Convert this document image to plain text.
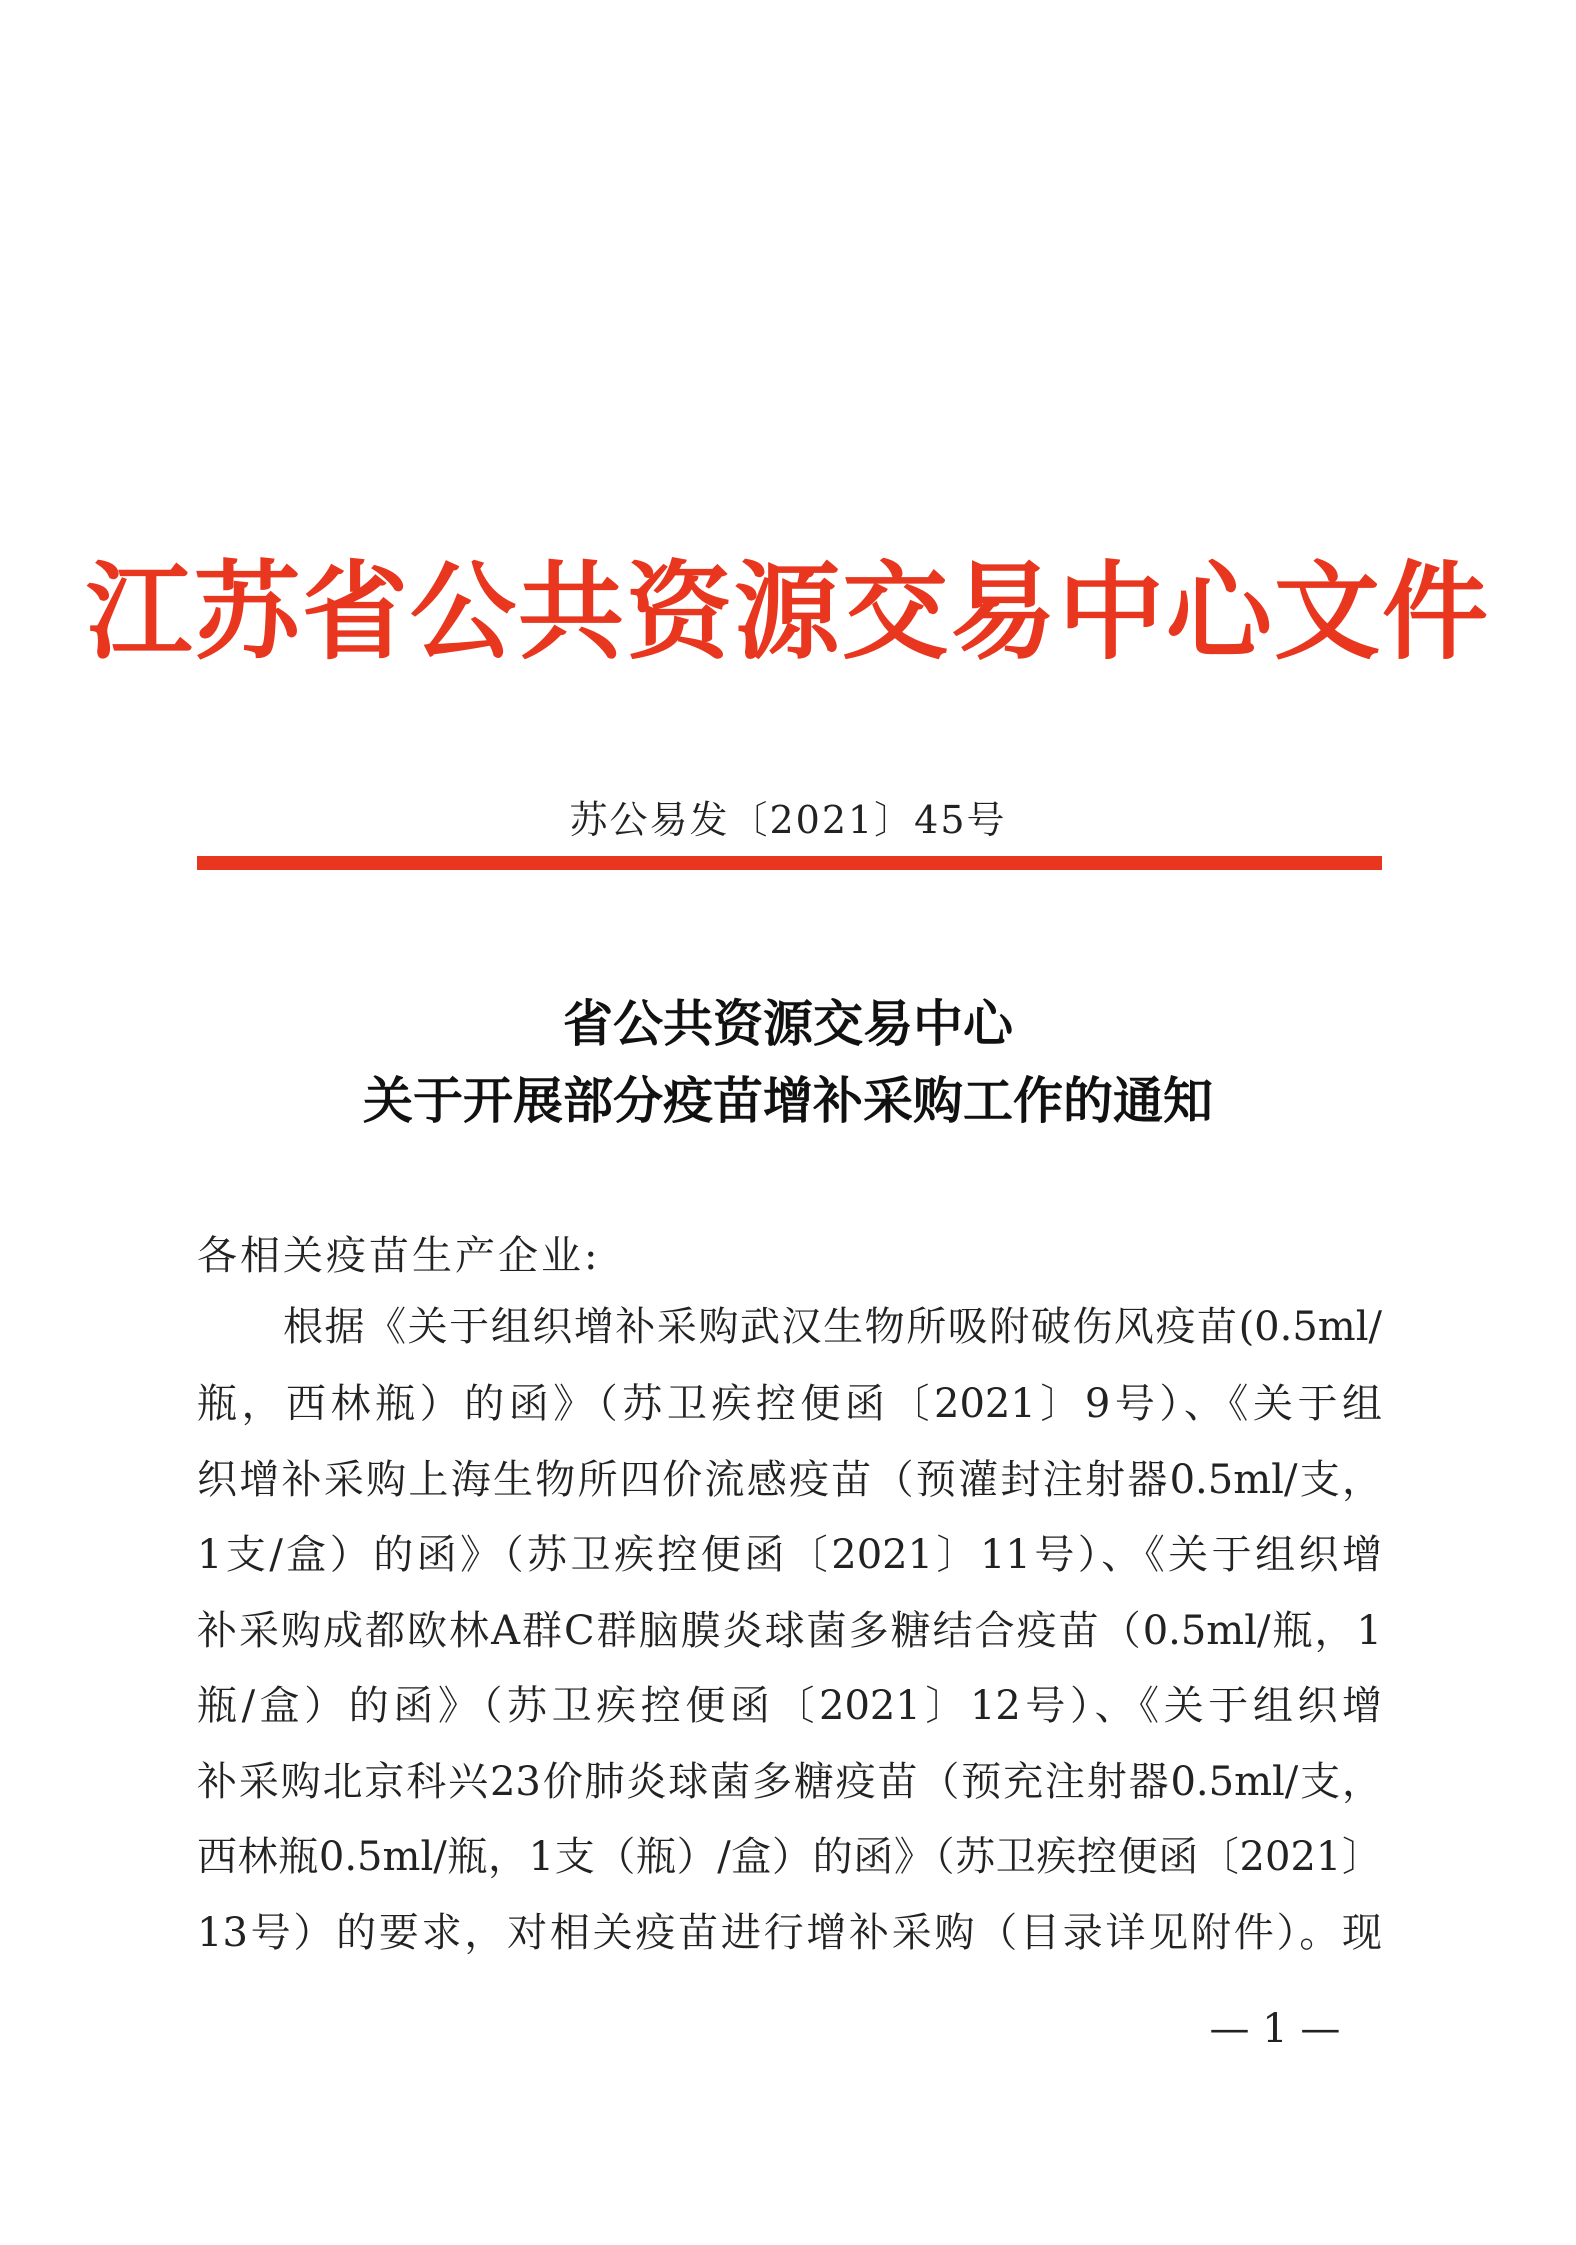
江苏省公共资源交易中心文件
苏公易发〔2021〕45号
省公共资源交易中心
关于开展部分疫苗增补采购工作的通知
各相关疫苗生产企业:
根据《关于组织增补采购武汉生物所吸附破伤风疫苗(0.5ml/
瓶，西林瓶）的函》（苏卫疾控便函〔2021〕9号）、《关于组
织增补采购上海生物所四价流感疫苗（预灌封注射器0.5ml/支，
1支/盒）的函》（苏卫疾控便函〔2021〕11号）、《关于组织增
补采购成都欧林A群C群脑膜炎球菌多糖结合疫苗（0.5ml/瓶，1
瓶/盒）的函》（苏卫疾控便函〔2021〕12号）、《关于组织增
补采购北京科兴23价肺炎球菌多糖疫苗（预充注射器0.5ml/支，
西林瓶0.5ml/瓶，1支（瓶）/盒）的函》（苏卫疾控便函〔2021〕
13号）的要求，对相关疫苗进行增补采购（目录详见附件）。现
— 1 —
